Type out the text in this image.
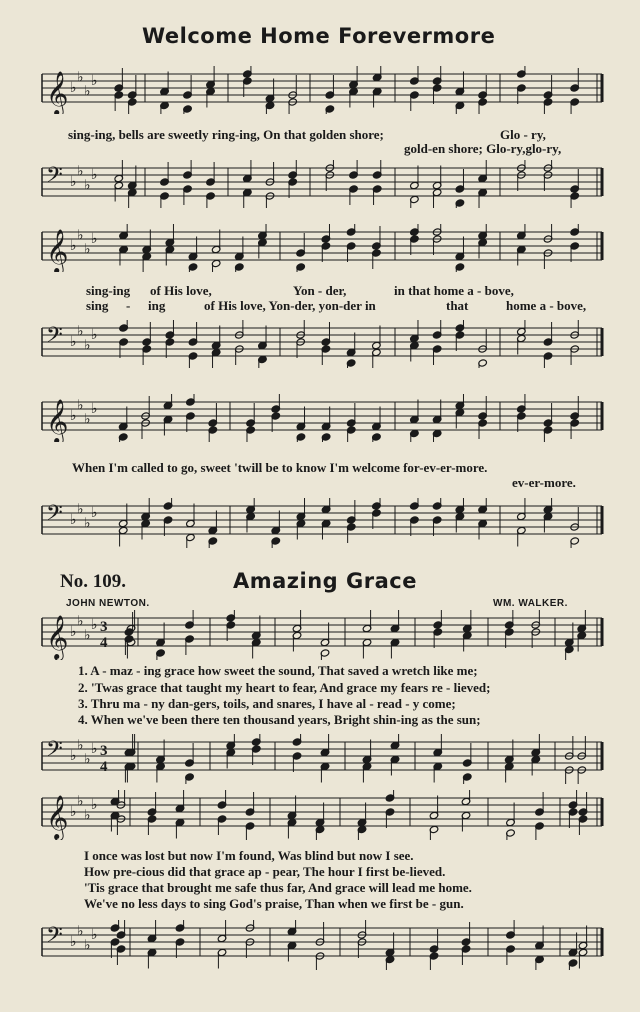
Welcome Home Forevermore
𝄞 ♭
♭
♭
♭
sing-ing, bells are sweetly ring-ing, On that golden shore;	Glo - ry,
gold-en shore; Glo-ry,glo-ry,
𝄢 ♭
♭
♭
♭
𝄞 ♭
♭
♭
♭
sing-ing of His love,	Yon - der,	in that home a - bove,
sing - ing	of His love, Yon-der, yon-der in	that	home a - bove,
𝄢 ♭
♭
♭
♭
𝄞 ♭
♭
♭
♭
When I'm called to go, sweet 'twill be to know I'm welcome for-ev-er-more.
ev-er-more.
𝄢 ♭
♭
♭
♭
No. 109.	Amazing Grace
JOHN NEWTON.	WM. WALKER.
𝄞 ♭
♭
♭
♭ 3
4
1. A - maz - ing grace how sweet the sound, That saved a wretch like me;
2. 'Twas grace that taught my heart to fear, And grace my fears re - lieved;
3. Thru ma - ny dan-gers, toils, and snares, I have al - read - y come;
4. When we've been there ten thousand years, Bright shin-ing as the sun;
𝄢 ♭
♭
♭
♭ 3
4
𝄞 ♭
♭
♭
♭
I once was lost but now I'm found, Was blind but now I see.
How pre-cious did that grace ap - pear, The hour I first be-lieved.
'Tis grace that brought me safe thus far, And grace will lead me home.
We've no less days to sing God's praise, Than when we first be - gun.
𝄢 ♭
♭
♭
♭
